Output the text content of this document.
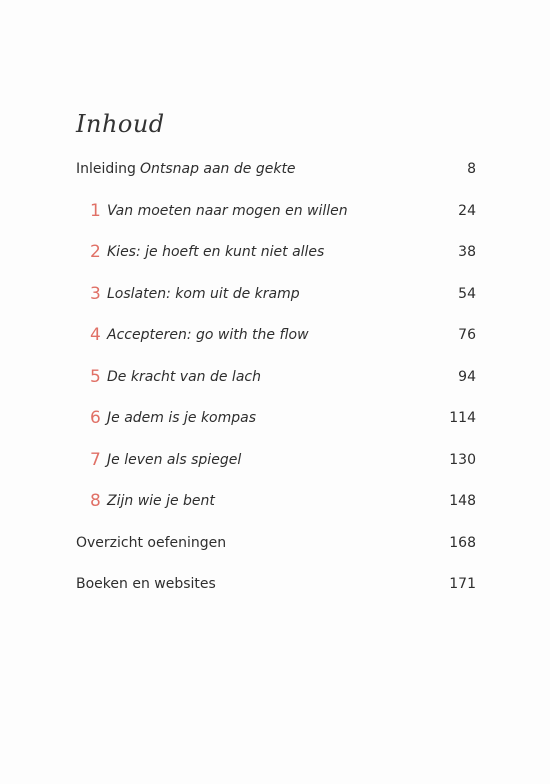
Inhoud
Inleiding Ontsnap aan de gekte	8
1 Van moeten naar mogen en willen	24
2 Kies: je hoeft en kunt niet alles	38
3 Loslaten: kom uit de kramp	54
4 Accepteren: go with the flow	76
5 De kracht van de lach	94
6 Je adem is je kompas	114
7 Je leven als spiegel	130
8 Zijn wie je bent	148
Overzicht oefeningen	168
Boeken en websites	171
